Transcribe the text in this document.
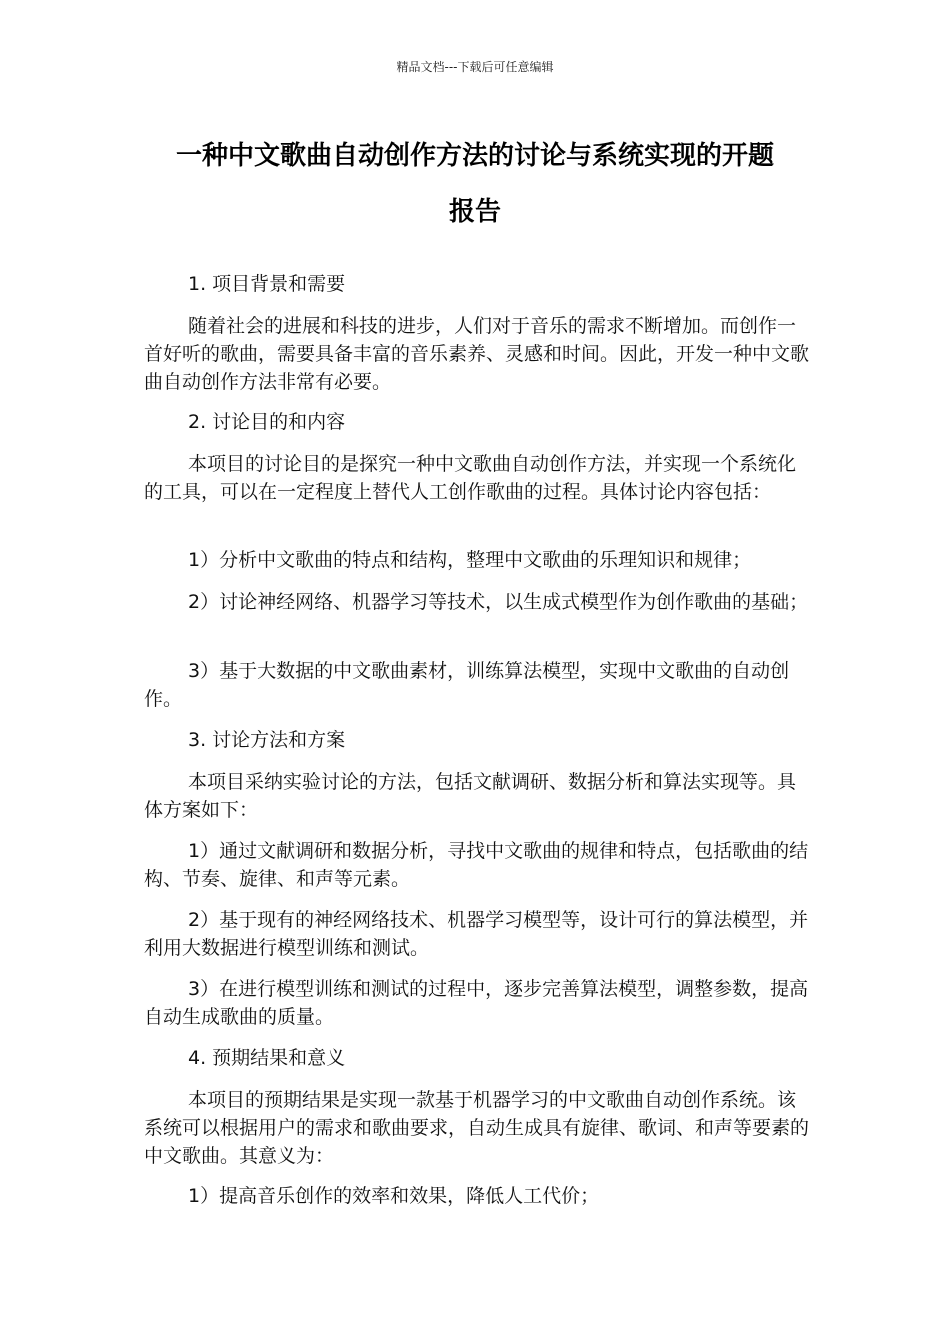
精品文档---下载后可任意编辑
一种中文歌曲自动创作方法的讨论与系统实现的开题
报告

1. 项目背景和需要

随着社会的进展和科技的进步，人们对于音乐的需求不断增加。而创作一首好听的歌曲，需要具备丰富的音乐素养、灵感和时间。因此，开发一种中文歌曲自动创作方法非常有必要。

2. 讨论目的和内容

本项目的讨论目的是探究一种中文歌曲自动创作方法，并实现一个系统化的工具，可以在一定程度上替代人工创作歌曲的过程。具体讨论内容包括：

1）分析中文歌曲的特点和结构，整理中文歌曲的乐理知识和规律；

2）讨论神经网络、机器学习等技术，以生成式模型作为创作歌曲的基础；

3）基于大数据的中文歌曲素材，训练算法模型，实现中文歌曲的自动创作。

3. 讨论方法和方案

本项目采纳实验讨论的方法，包括文献调研、数据分析和算法实现等。具体方案如下：

1）通过文献调研和数据分析，寻找中文歌曲的规律和特点，包括歌曲的结构、节奏、旋律、和声等元素。

2）基于现有的神经网络技术、机器学习模型等，设计可行的算法模型，并利用大数据进行模型训练和测试。

3）在进行模型训练和测试的过程中，逐步完善算法模型，调整参数，提高自动生成歌曲的质量。

4. 预期结果和意义

本项目的预期结果是实现一款基于机器学习的中文歌曲自动创作系统。该系统可以根据用户的需求和歌曲要求，自动生成具有旋律、歌词、和声等要素的中文歌曲。其意义为：

1）提高音乐创作的效率和效果，降低人工代价；
